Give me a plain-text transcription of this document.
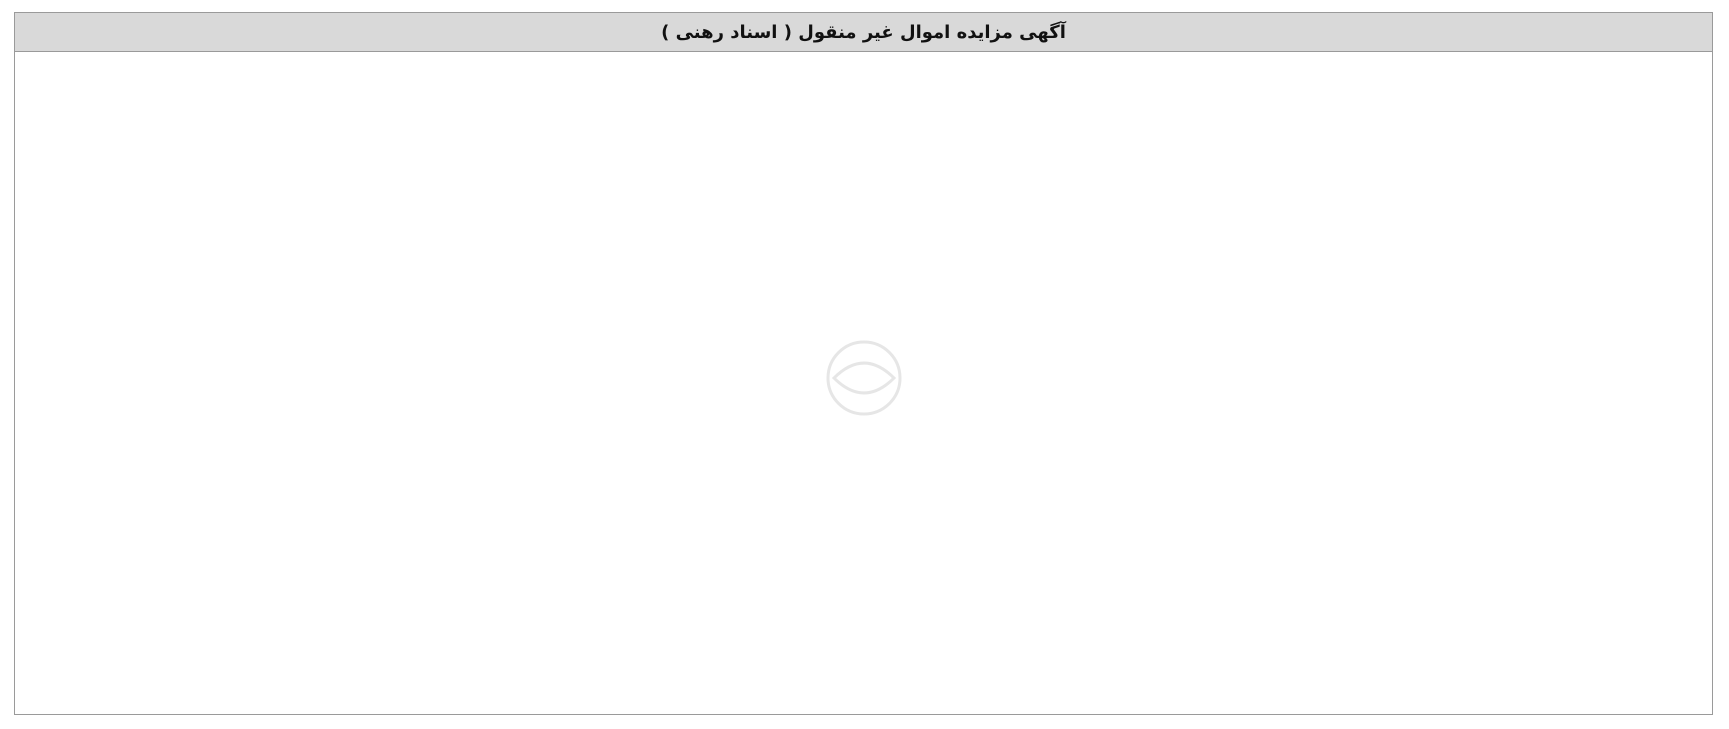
آگهی مزایده اموال غیر منقول ( اسناد رهنی )
